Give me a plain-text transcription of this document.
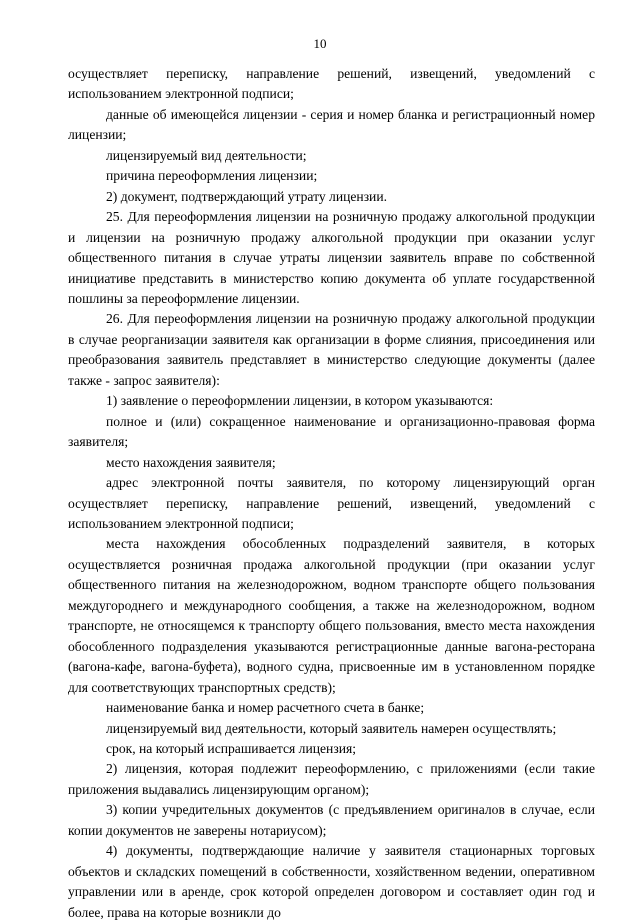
10

осуществляет переписку, направление решений, извещений, уведомлений с использованием электронной подписи;

данные об имеющейся лицензии - серия и номер бланка и регистрационный номер лицензии;

лицензируемый вид деятельности;

причина переоформления лицензии;

2) документ, подтверждающий утрату лицензии.

25. Для переоформления лицензии на розничную продажу алкогольной продукции и лицензии на розничную продажу алкогольной продукции при оказании услуг общественного питания в случае утраты лицензии заявитель вправе по собственной инициативе представить в министерство копию документа об уплате государственной пошлины за переоформление лицензии.

26. Для переоформления лицензии на розничную продажу алкогольной продукции в случае реорганизации заявителя как организации в форме слияния, присоединения или преобразования заявитель представляет в министерство следующие документы (далее также - запрос заявителя):

1) заявление о переоформлении лицензии, в котором указываются:

полное и (или) сокращенное наименование и организационно-правовая форма заявителя;

место нахождения заявителя;

адрес электронной почты заявителя, по которому лицензирующий орган осуществляет переписку, направление решений, извещений, уведомлений с использованием электронной подписи;

места нахождения обособленных подразделений заявителя, в которых осуществляется розничная продажа алкогольной продукции (при оказании услуг общественного питания на железнодорожном, водном транспорте общего пользования междугороднего и международного сообщения, а также на железнодорожном, водном транспорте, не относящемся к транспорту общего пользования, вместо места нахождения обособленного подразделения указываются регистрационные данные вагона-ресторана (вагона-кафе, вагона-буфета), водного судна, присвоенные им в установленном порядке для соответствующих транспортных средств);

наименование банка и номер расчетного счета в банке;

лицензируемый вид деятельности, который заявитель намерен осуществлять;

срок, на который испрашивается лицензия;

2) лицензия, которая подлежит переоформлению, с приложениями (если такие приложения выдавались лицензирующим органом);

3) копии учредительных документов (с предъявлением оригиналов в случае, если копии документов не заверены нотариусом);

4) документы, подтверждающие наличие у заявителя стационарных торговых объектов и складских помещений в собственности, хозяйственном ведении, оперативном управлении или в аренде, срок которой определен договором и составляет один год и более, права на которые возникли до
